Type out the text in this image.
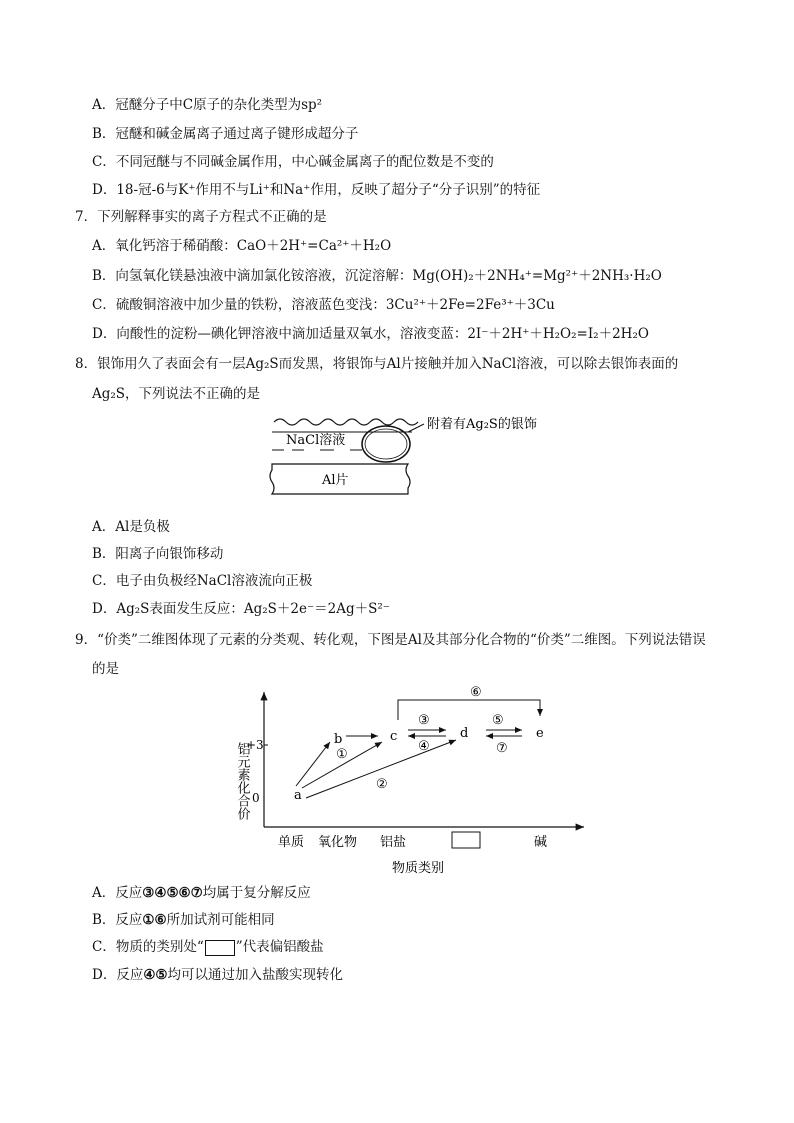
A．冠醚分子中C原子的杂化类型为sp²
B．冠醚和碱金属离子通过离子键形成超分子
C．不同冠醚与不同碱金属作用，中心碱金属离子的配位数是不变的
D．18-冠-6与K⁺作用不与Li⁺和Na⁺作用，反映了超分子“分子识别”的特征
7．下列解释事实的离子方程式不正确的是
A．氧化钙溶于稀硝酸：CaO＋2H⁺=Ca²⁺＋H₂O
B．向氢氧化镁悬浊液中滴加氯化铵溶液，沉淀溶解：Mg(OH)₂＋2NH₄⁺=Mg²⁺＋2NH₃·H₂O
C．硫酸铜溶液中加少量的铁粉，溶液蓝色变浅：3Cu²⁺＋2Fe=2Fe³⁺＋3Cu
D．向酸性的淀粉—碘化钾溶液中滴加适量双氧水，溶液变蓝：2I⁻＋2H⁺＋H₂O₂=I₂＋2H₂O
8．银饰用久了表面会有一层Ag₂S而发黑，将银饰与Al片接触并加入NaCl溶液，可以除去银饰表面的
Ag₂S，下列说法不正确的是
NaCl溶液
附着有Ag₂S的银饰
Al片
A．Al是负极
B．阳离子向银饰移动
C．电子由负极经NaCl溶液流向正极
D．Ag₂S表面发生反应：Ag₂S＋2e⁻＝2Ag＋S²⁻
9．“价类”二维图体现了元素的分类观、转化观，下图是Al及其部分化合物的“价类”二维图。下列说法错误
的是
铝元素化合价
+3
0
单质 氧化物 铝盐	碱
物质类别
a
b	c	d	e
①
②
③
④
⑤
⑥
⑦
A．反应③④⑤⑥⑦均属于复分解反应
B．反应①⑥所加试剂可能相同
C．物质的类别处“ ”代表偏铝酸盐
D．反应④⑤均可以通过加入盐酸实现转化
